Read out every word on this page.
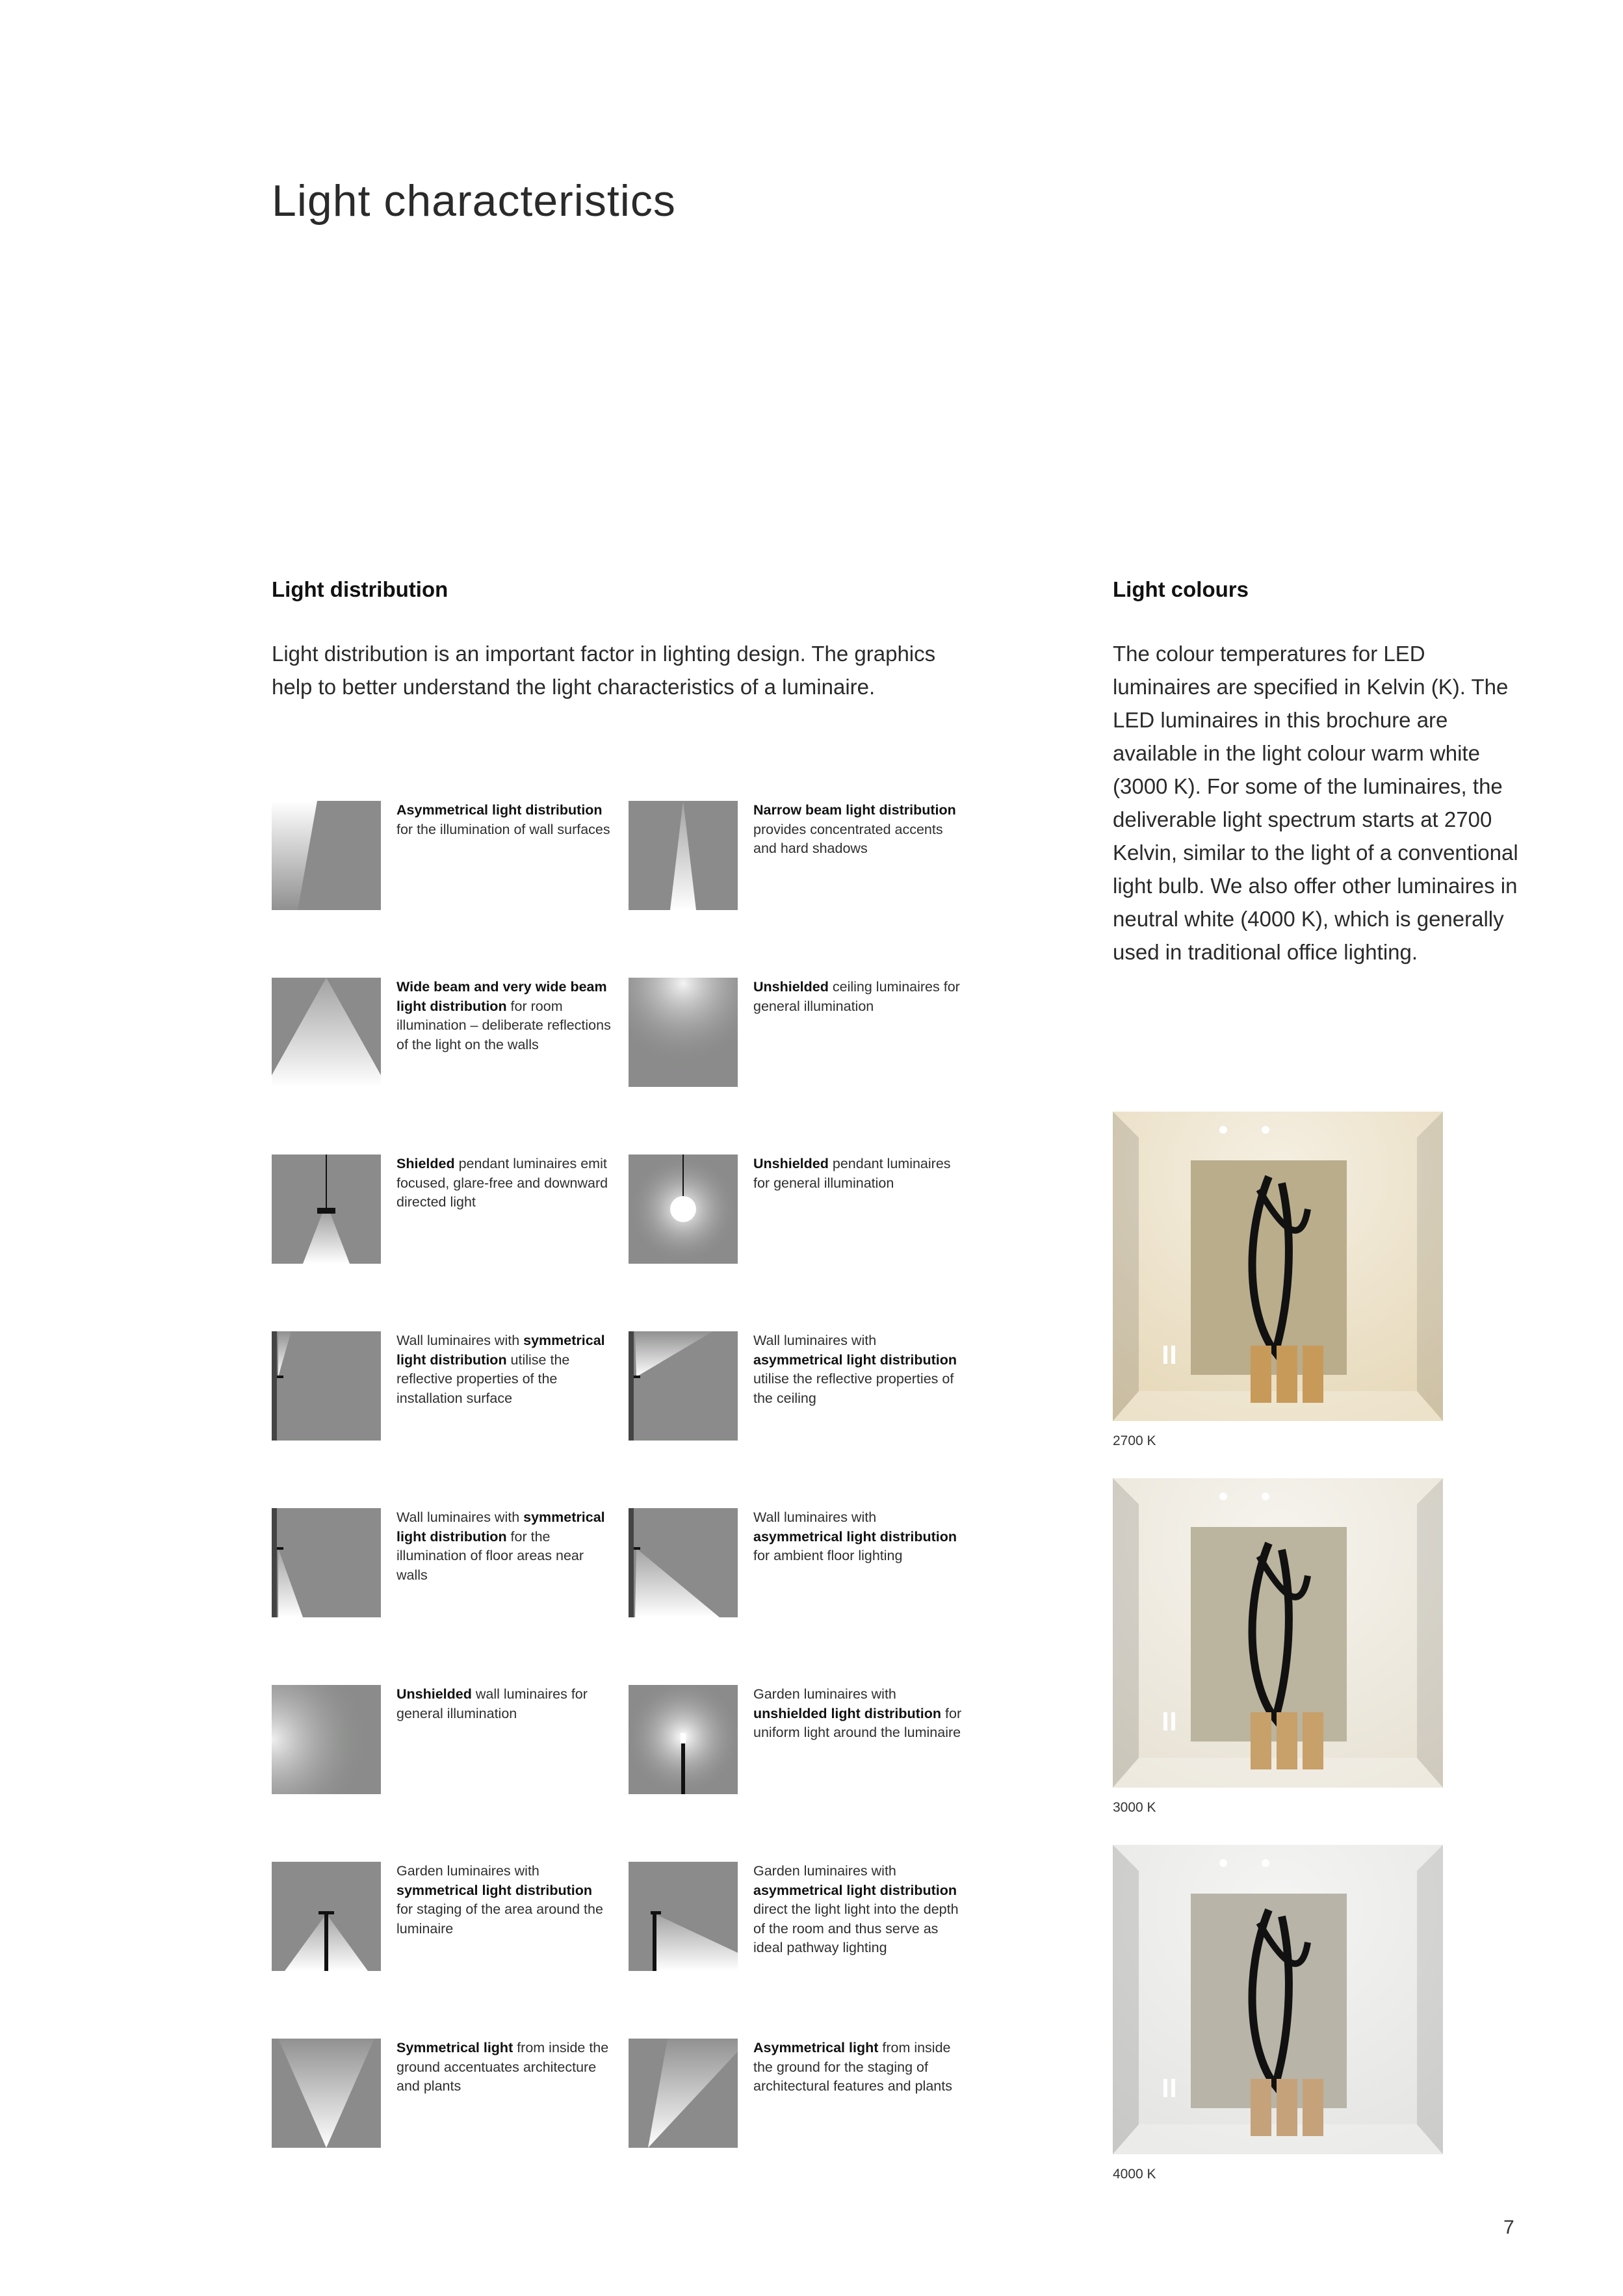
Light characteristics
Light distribution
Light distribution is an important factor in lighting design. The graphics help to better understand the light characteristics of a luminaire.
Light colours
The colour temperatures for LED luminaires are specified in Kelvin (K). The LED luminaires in this brochure are available in the light colour warm white (3000 K). For some of the luminaires, the deliverable light spectrum starts at 2700 Kelvin, similar to the light of a conventional light bulb. We also offer other luminaires in neutral white (4000 K), which is generally used in traditional office lighting.
Asymmetrical light distribution for the illumination of wall surfaces
Narrow beam light distribution provides concentrated accents and hard shadows
Wide beam and very wide beam light distribution for room illumination – deliberate reflections of the light on the walls
Unshielded ceiling luminaires for general illumination
Shielded pendant luminaires emit focused, glare-free and downward directed light
Unshielded pendant luminaires for general illumination
Wall luminaires with symmetrical light distribution utilise the reflective properties of the installation surface
Wall luminaires with asymmetrical light distribution utilise the reflective properties of the ceiling
Wall luminaires with symmetrical light distribution for the illumination of floor areas near walls
Wall luminaires with asymmetrical light distribution for ambient floor lighting
Unshielded wall luminaires for general illumination
Garden luminaires with unshielded light distribution for uniform light around the luminaire
Garden luminaires with symmetrical light distribution for staging of the area around the luminaire
Garden luminaires with asymmetrical light distribution direct the light light into the depth of the room and thus serve as ideal pathway lighting
Symmetrical light from inside the ground accentuates architecture and plants
Asymmetrical light from inside the ground for the staging of architectural features and plants
2700 K
3000 K
4000 K
7
